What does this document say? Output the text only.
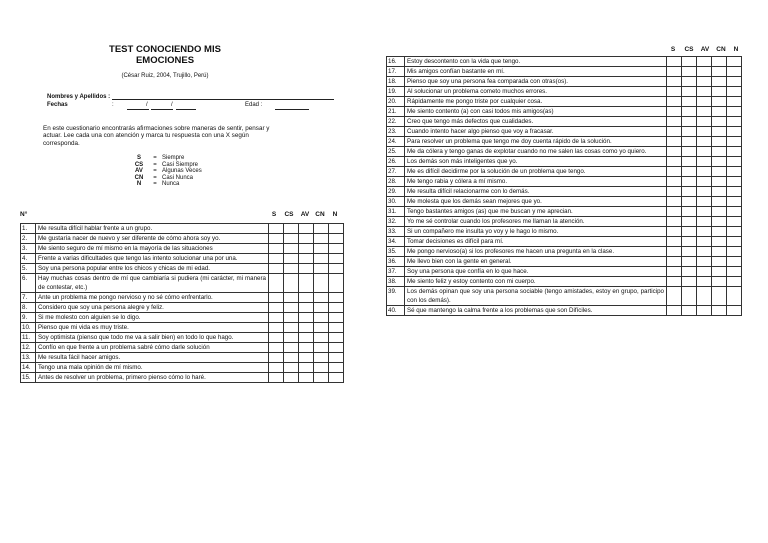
TEST CONOCIENDO MIS
EMOCIONES
(César Ruiz, 2004, Trujillo, Perú)
Nombres y Apellidos :
Fechas	:	/	/	Edad :
En este cuestionario encontrarás afirmaciones sobre maneras de sentir, pensar y actuar. Lee cada una con atención y marca tu respuesta con una X según corresponda.
S	= Siempre
CS	= Casi Siempre
AV	= Algunas Veces
CN	= Casi Nunca
N	= Nunca
N°	S	CS	AV CN	N
1.	Me resulta difícil hablar frente a un grupo.					
2.	Me gustaría nacer de nuevo y ser diferente de cómo ahora soy yo.					
3.	Me siento seguro de mí mismo en la mayoría de las situaciones					
4.	Frente a varias dificultades que tengo las intento solucionar una por una.					
5.	Soy una persona popular entre los chicos y chicas de mi edad.					
6.	Hay muchas cosas dentro de mí que cambiaría si pudiera (mi carácter, mi manera de contestar, etc.)					
7.	Ante un problema me pongo nervioso y no sé cómo enfrentarlo.					
8.	Considero que soy una persona alegre y feliz.					
9.	Si me molesto con alguien se lo digo.					
10.	Pienso que mi vida es muy triste.					
11.	Soy optimista (pienso que todo me va a salir bien) en todo lo que hago.					
12.	Confío en que frente a un problema sabré cómo darle solución					
13.	Me resulta fácil hacer amigos.					
14.	Tengo una mala opinión de mí mismo.					
15.	Antes de resolver un problema, primero pienso cómo lo haré.					
S	CS	AV	CN	N
16.	Estoy descontento con la vida que tengo.					
17.	Mis amigos confían bastante en mí.					
18.	Pienso que soy una persona fea comparada con otras(os).					
19.	Al solucionar un problema cometo muchos errores.					
20.	Rápidamente me pongo triste por cualquier cosa.					
21.	Me siento contento (a) con casi todos mis amigos(as)					
22.	Creo que tengo más defectos que cualidades.					
23.	Cuando intento hacer algo pienso que voy a fracasar.					
24.	Para resolver un problema que tengo me doy cuenta rápido de la solución.					
25.	Me da cólera y tengo ganas de explotar cuando no me salen las cosas como yo quiero.					
26.	Los demás son más inteligentes que yo.					
27.	Me es difícil decidirme por la solución de un problema que tengo.					
28.	Me tengo rabia y cólera a mí mismo.					
29.	Me resulta difícil relacionarme con lo demás.					
30.	Me molesta que los demás sean mejores que yo.					
31.	Tengo bastantes amigos (as) que me buscan y me aprecian.					
32.	Yo me sé controlar cuando los profesores me llaman la atención.					
33.	Si un compañero me insulta yo voy y le hago lo mismo.					
34.	Tomar decisiones es difícil para mí.					
35.	Me pongo nervioso(a) si los profesores me hacen una pregunta en la clase.					
36.	Me llevo bien con la gente en general.					
37.	Soy una persona que confía en lo que hace.					
38.	Me siento feliz y estoy contento con mi cuerpo.					
39.	Los demás opinan que soy una persona sociable (tengo amistades, estoy en grupo, participo con los demás).					
40.	Sé que mantengo la calma frente a los problemas que son Difíciles.					
